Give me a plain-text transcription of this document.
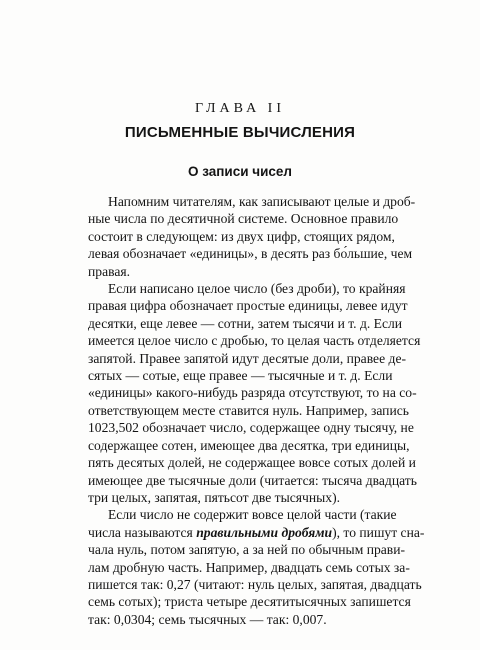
ГЛАВА II
ПИСЬМЕННЫЕ ВЫЧИСЛЕНИЯ
О записи чисел

Напомним читателям, как записывают целые и дроб-
ные числа по десятичной системе. Основное правило
состоит в следующем: из двух цифр, стоящих рядом,
левая обозначает «единицы», в десять раз бо́льшие, чем
правая.

Если написано целое число (без дроби), то крайняя
правая цифра обозначает простые единицы, левее идут
десятки, еще левее — сотни, затем тысячи и т. д. Если
имеется целое число с дробью, то целая часть отделяется
запятой. Правее запятой идут десятые доли, правее де-
сятых — сотые, еще правее — тысячные и т. д. Если
«единицы» какого-нибудь разряда отсутствуют, то на со-
ответствующем месте ставится нуль. Например, запись
1023,502 обозначает число, содержащее одну тысячу, не
содержащее сотен, имеющее два десятка, три единицы,
пять десятых долей, не содержащее вовсе сотых долей и
имеющее две тысячные доли (читается: тысяча двадцать
три целых, запятая, пятьсот две тысячных).

Если число не содержит вовсе целой части (такие
числа называются правильными дробями), то пишут сна-
чала нуль, потом запятую, а за ней по обычным прави-
лам дробную часть. Например, двадцать семь сотых за-
пишется так: 0,27 (читают: нуль целых, запятая, двадцать
семь сотых); триста четыре десятитысячных запишется
так: 0,0304; семь тысячных — так: 0,007.
